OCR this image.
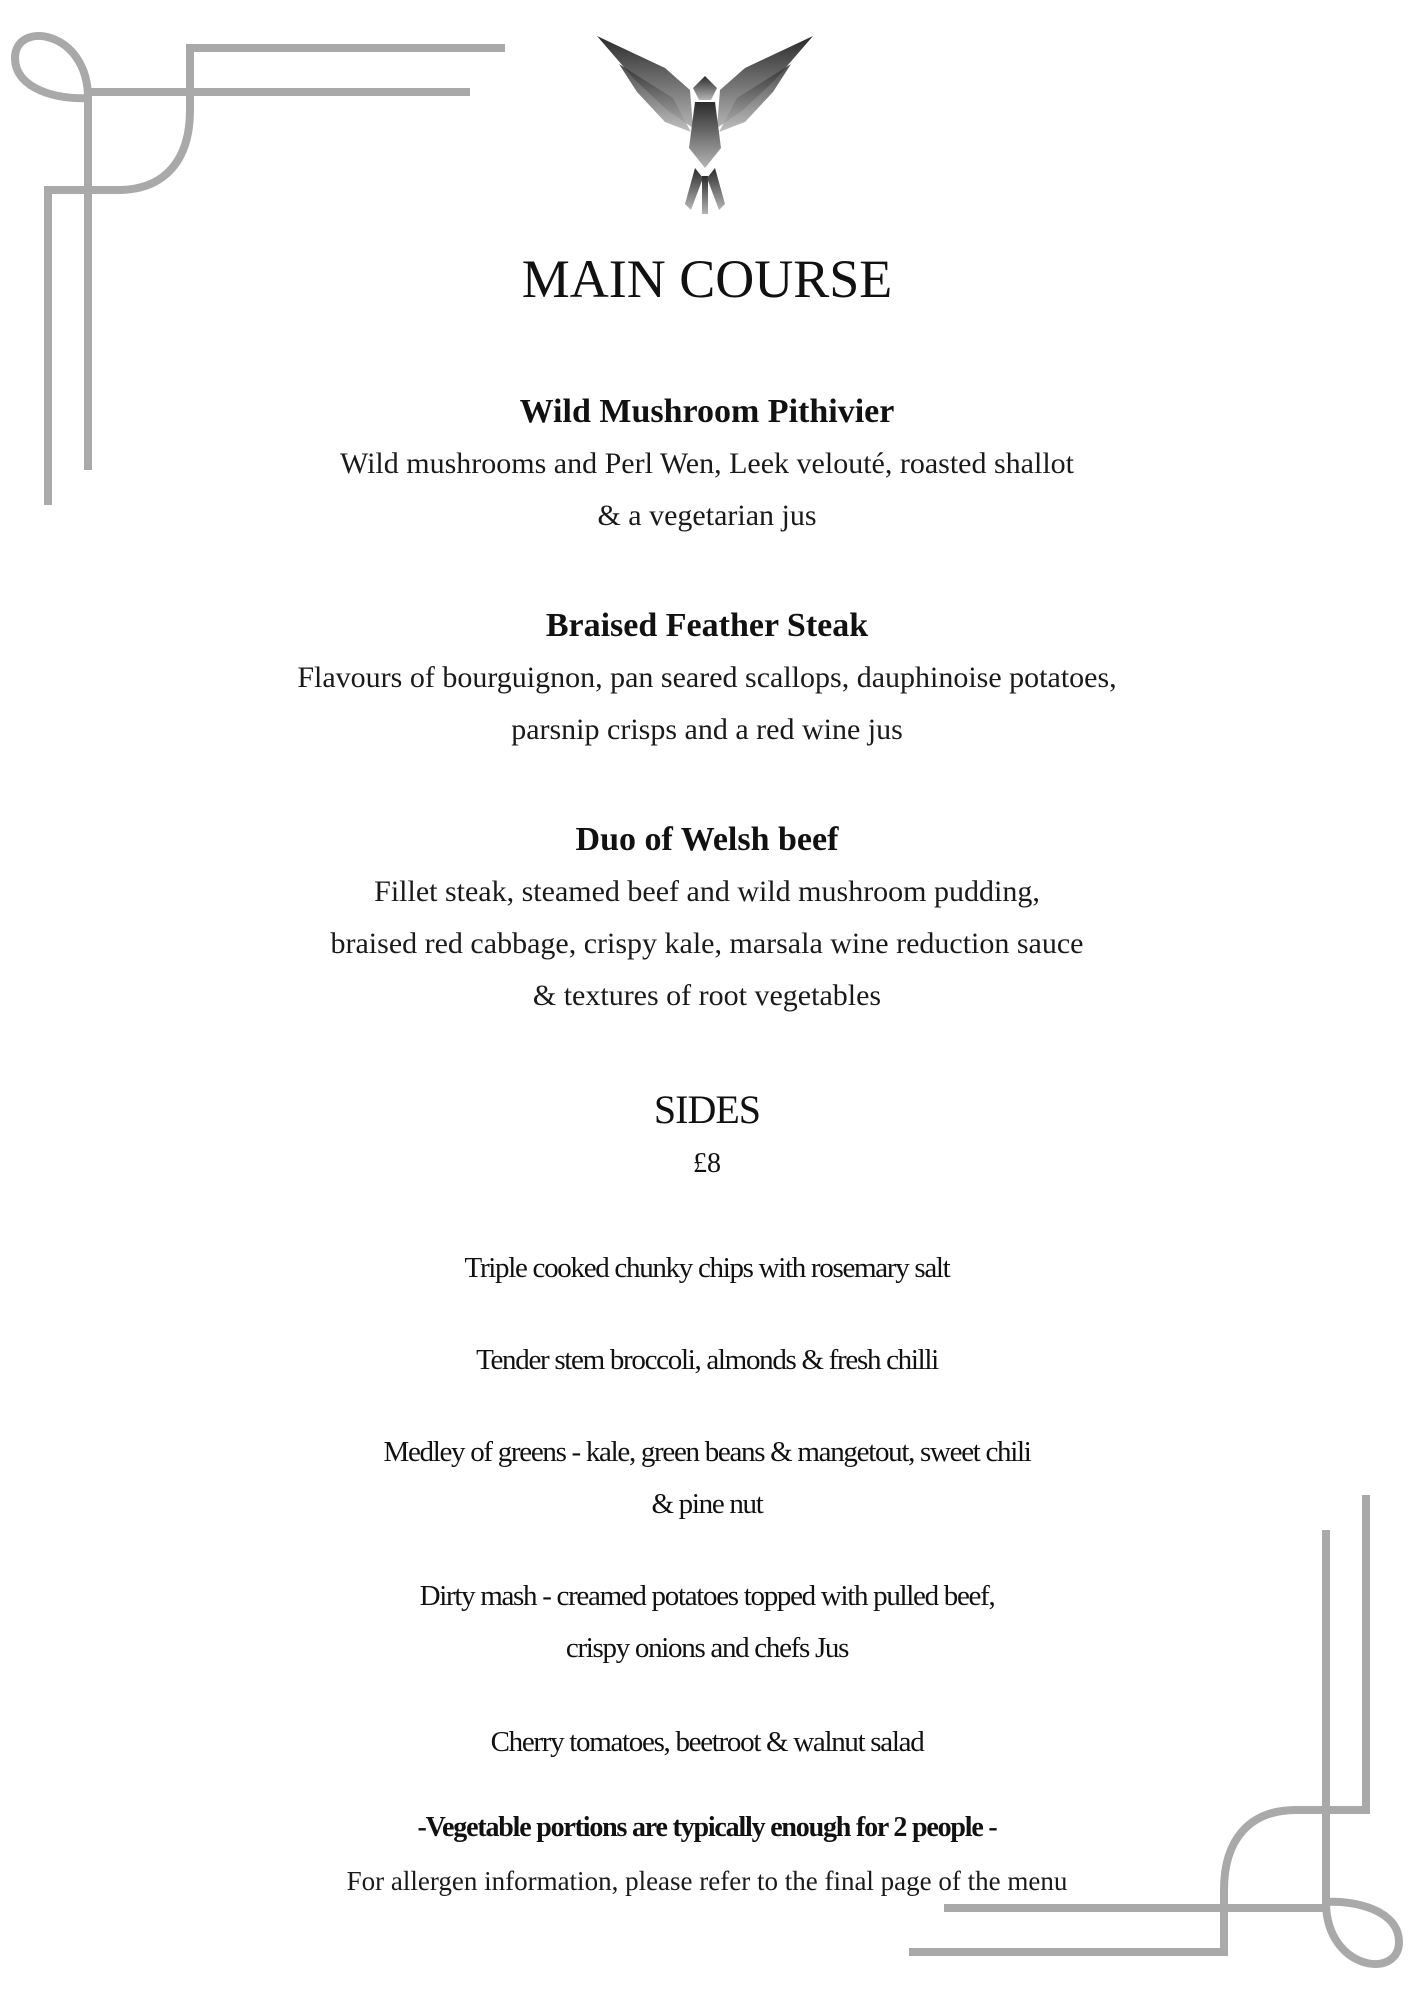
MAIN COURSE

Wild Mushroom Pithivier

Wild mushrooms and Perl Wen, Leek velouté, roasted shallot

& a vegetarian jus

Braised Feather Steak

Flavours of bourguignon, pan seared scallops, dauphinoise potatoes,

parsnip crisps and a red wine jus

Duo of Welsh beef

Fillet steak, steamed beef and wild mushroom pudding,

braised red cabbage, crispy kale, marsala wine reduction sauce

& textures of root vegetables

SIDES

£8

Triple cooked chunky chips with rosemary salt
Tender stem broccoli, almonds & fresh chilli
Medley of greens - kale, green beans & mangetout, sweet chili
& pine nut
Dirty mash - creamed potatoes topped with pulled beef,
crispy onions and chefs Jus
Cherry tomatoes, beetroot & walnut salad

-Vegetable portions are typically enough for 2 people -

For allergen information, please refer to the final page of the menu
